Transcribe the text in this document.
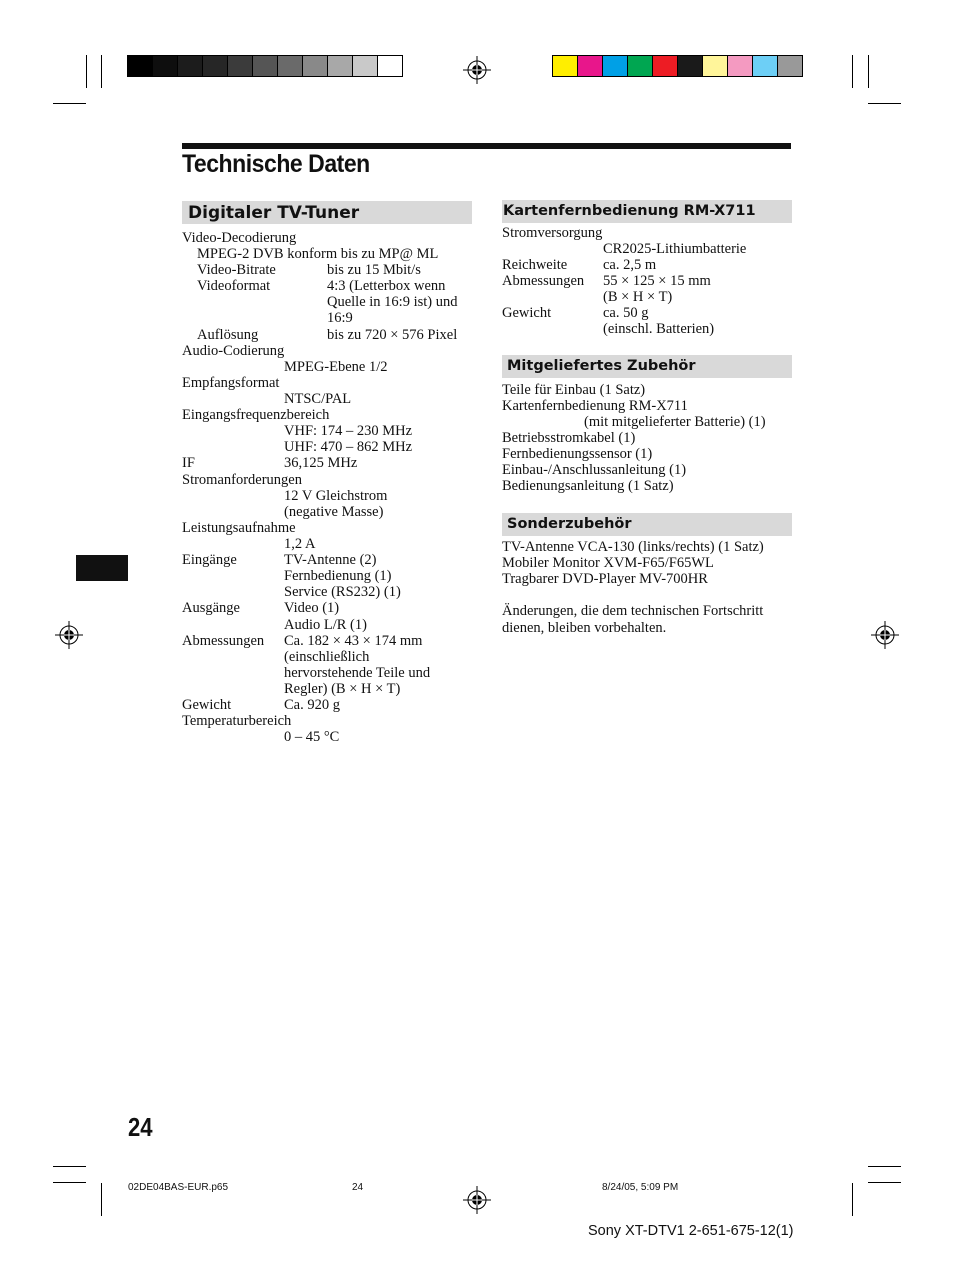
Technische Daten
Digitaler TV-Tuner
Video-Decodierung
MPEG-2 DVB konform bis zu MP@ ML
Video-Bitrate	bis zu 15 Mbit/s
Videoformat	4:3 (Letterbox wenn
Quelle in 16:9 ist) und
16:9
Auflösung	bis zu 720 × 576 Pixel
Audio-Codierung
MPEG-Ebene 1/2
Empfangsformat
NTSC/PAL
Eingangsfrequenzbereich
VHF: 174 – 230 MHz
UHF: 470 – 862 MHz
IF	36,125 MHz
Stromanforderungen
12 V Gleichstrom
(negative Masse)
Leistungsaufnahme
1,2 A
Eingänge	TV-Antenne (2)
Fernbedienung (1)
Service (RS232) (1)
Ausgänge	Video (1)
Audio L/R (1)
Abmessungen Ca. 182 × 43 × 174 mm
(einschließlich
hervorstehende Teile und
Regler) (B × H × T)
Gewicht	Ca. 920 g
Temperaturbereich
0 – 45 °C
Kartenfernbedienung RM-X711
Stromversorgung
CR2025-Lithiumbatterie
Reichweite ca. 2,5 m
Abmessungen 55 × 125 × 15 mm
(B × H × T)
Gewicht	ca. 50 g
(einschl. Batterien)
Mitgeliefertes Zubehör
Teile für Einbau (1 Satz)
Kartenfernbedienung RM-X711
(mit mitgelieferter Batterie) (1)
Betriebsstromkabel (1)
Fernbedienungssensor (1)
Einbau-/Anschlussanleitung (1)
Bedienungsanleitung (1 Satz)
Sonderzubehör
TV-Antenne VCA-130 (links/rechts) (1 Satz)
Mobiler Monitor XVM-F65/F65WL
Tragbarer DVD-Player MV-700HR
Änderungen, die dem technischen Fortschritt
dienen, bleiben vorbehalten.
24
02DE04BAS-EUR.p65	24	8/24/05, 5:09 PM
Sony XT-DTV1 2-651-675-12(1)
